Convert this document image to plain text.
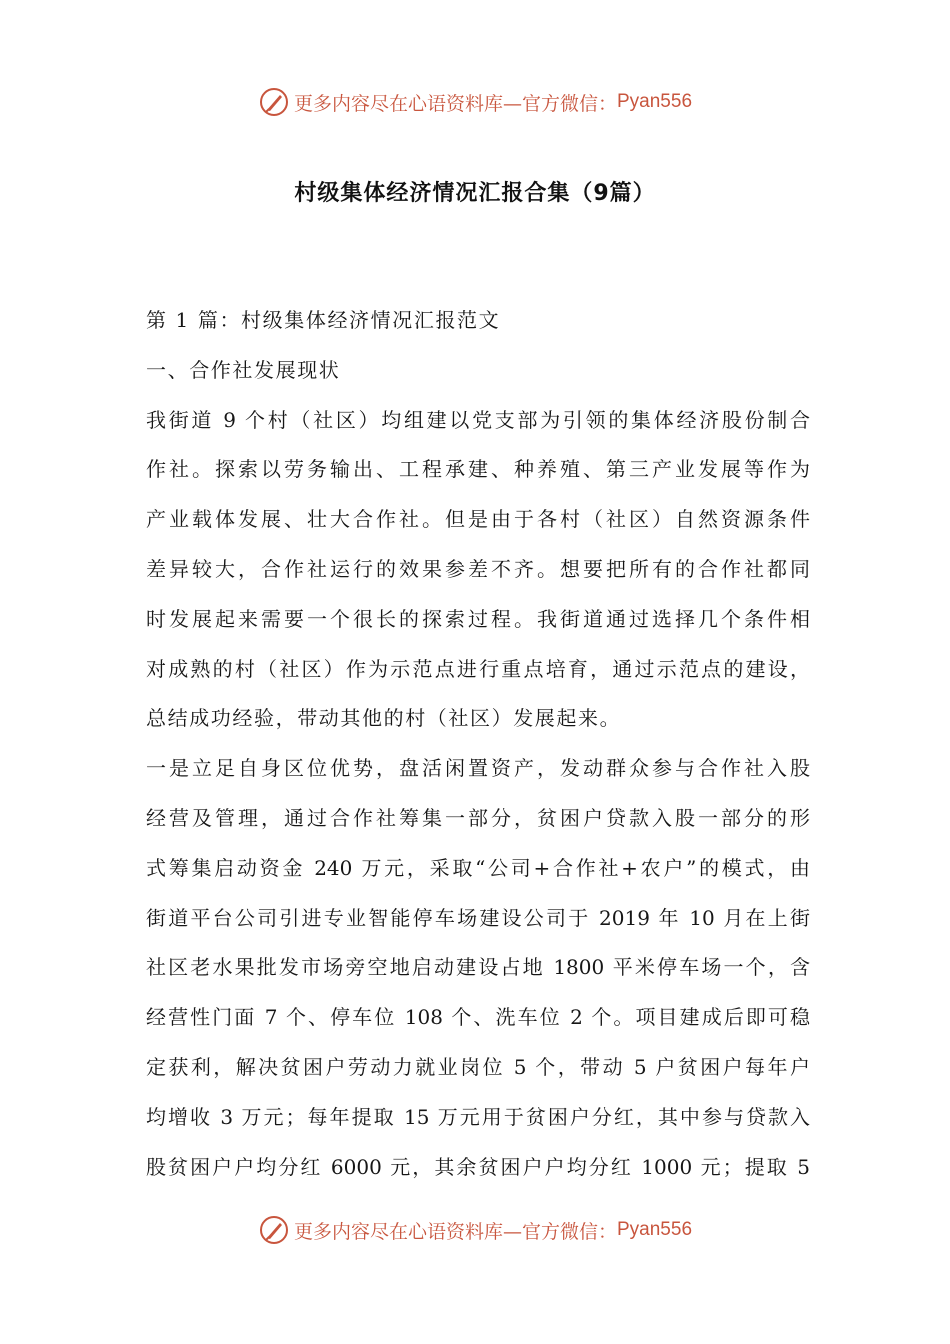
更多内容尽在心语资料库—官方微信： Pyan556
村级集体经济情况汇报合集（9篇）
第 1 篇：村级集体经济情况汇报范文
一、合作社发展现状
我街道 9 个村（社区）均组建以党支部为引领的集体经济股份制合
作社。探索以劳务输出、工程承建、种养殖、第三产业发展等作为
产业载体发展、壮大合作社。但是由于各村（社区）自然资源条件
差异较大，合作社运行的效果参差不齐。想要把所有的合作社都同
时发展起来需要一个很长的探索过程。我街道通过选择几个条件相
对成熟的村（社区）作为示范点进行重点培育，通过示范点的建设，
总结成功经验，带动其他的村（社区）发展起来。
一是立足自身区位优势，盘活闲置资产，发动群众参与合作社入股
经营及管理，通过合作社筹集一部分，贫困户贷款入股一部分的形
式筹集启动资金 240 万元，采取“公司+合作社+农户”的模式，由
街道平台公司引进专业智能停车场建设公司于 2019 年 10 月在上街
社区老水果批发市场旁空地启动建设占地 1800 平米停车场一个，含
经营性门面 7 个、停车位 108 个、洗车位 2 个。项目建成后即可稳
定获利，解决贫困户劳动力就业岗位 5 个，带动 5 户贫困户每年户
均增收 3 万元；每年提取 15 万元用于贫困户分红，其中参与贷款入
股贫困户户均分红 6000 元，其余贫困户户均分红 1000 元；提取 5
更多内容尽在心语资料库—官方微信： Pyan556
